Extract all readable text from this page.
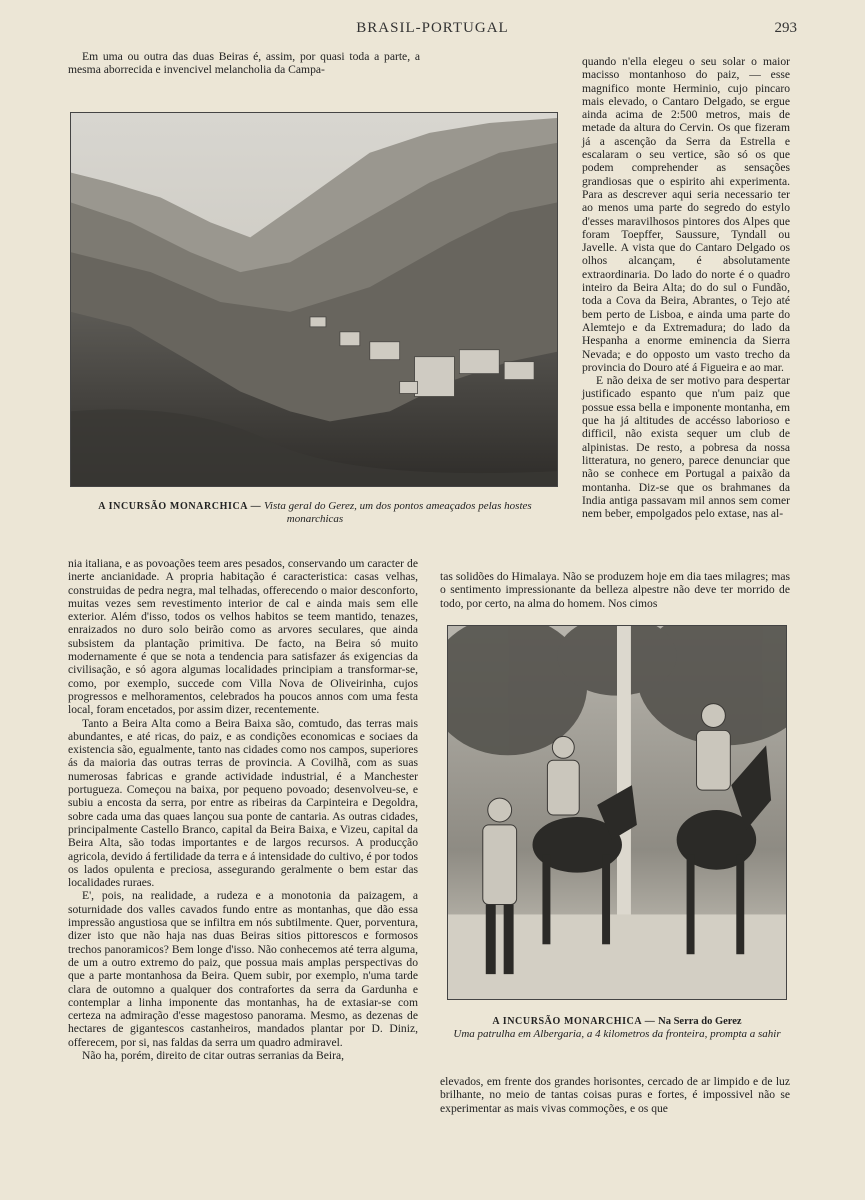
BRASIL-PORTUGAL	293

Em uma ou outra das duas Beiras é, assim, por quasi toda a parte, a mesma aborrecida e invencivel melancholia da Campa-

A INCURSÃO MONARCHICA — Vista geral do Gerez, um dos pontos ameaçados pelas hostes monarchicas

quando n'ella elegeu o seu solar o maior macisso montanhoso do paiz, — esse magnifico monte Herminio, cujo pincaro mais elevado, o Cantaro Delgado, se ergue ainda acima de 2:500 metros, mais de metade da altura do Cervin. Os que fizeram já a ascenção da Serra da Estrella e escalaram o seu vertice, são só os que podem comprehender as sensações grandiosas que o espirito ahi experimenta. Para as descrever aqui seria necessario ter ao menos uma parte do segredo do estylo d'esses maravilhosos pintores dos Alpes que foram Toepffer, Saussure, Tyndall ou Javelle. A vista que do Cantaro Delgado os olhos alcançam, é absolutamente extraordinaria. Do lado do norte é o quadro inteiro da Beira Alta; do do sul o Fundão, toda a Cova da Beira, Abrantes, o Tejo até bem perto de Lisboa, e ainda uma parte do Alemtejo e da Extremadura; do lado da Hespanha a enorme eminencia da Sierra Nevada; e do opposto um vasto trecho da provincia do Douro até á Figueira e ao mar.

E não deixa de ser motivo para despertar justificado espanto que n'um paiz que possue essa bella e imponente montanha, em que ha já altitudes de accésso laborioso e difficil, não exista sequer um club de alpinistas. De resto, a pobresa da nossa litteratura, no genero, parece denunciar que não se conhece em Portugal a paixão da montanha. Diz-se que os brahmanes da India antiga passavam mil annos sem comer nem beber, empolgados pelo extase, nas al-

nia italiana, e as povoações teem ares pesados, conservando um caracter de inerte ancianidade. A propria habitação é caracteristica: casas velhas, construidas de pedra negra, mal telhadas, offerecendo o maior desconforto, muitas vezes sem revestimento interior de cal e ainda mais sem elle exterior. Além d'isso, todos os velhos habitos se teem mantido, tenazes, enraizados no duro solo beirão como as arvores seculares, que ainda subsistem da plantação primitiva. De facto, na Beira só muito modernamente é que se nota a tendencia para satisfazer ás exigencias da civilisação, e só agora algumas localidades principiam a transformar-se, como, por exemplo, succede com Villa Nova de Oliveirinha, cujos progressos e melhoramentos, celebrados ha poucos annos com uma festa local, foram encetados, por assim dizer, recentemente.

Tanto a Beira Alta como a Beira Baixa são, comtudo, das terras mais abundantes, e até ricas, do paiz, e as condições economicas e sociaes da existencia são, egualmente, tanto nas cidades como nos campos, superiores ás da maioria das outras terras de provincia. A Covilhã, com as suas numerosas fabricas e grande actividade industrial, é a Manchester portugueza. Começou na baixa, por pequeno povoado; desenvolveu-se, e subiu a encosta da serra, por entre as ribeiras da Carpinteira e Degoldra, sobre cada uma das quaes lançou sua ponte de cantaria. As outras cidades, principalmente Castello Branco, capital da Beira Baixa, e Vizeu, capital da Beira Alta, são todas importantes e de largos recursos. A producção agricola, devido á fertilidade da terra e á intensidade do cultivo, é por todos os lados opulenta e preciosa, assegurando geralmente o bem estar das localidades ruraes.

E', pois, na realidade, a rudeza e a monotonia da paizagem, a soturnidade dos valles cavados fundo entre as montanhas, que dão essa impressão angustiosa que se infiltra em nós subtilmente. Quer, porventura, dizer isto que não haja nas duas Beiras sitios pittorescos e formosos trechos panoramicos? Bem longe d'isso. Não conhecemos até terra alguma, de um a outro extremo do paiz, que possua mais amplas perspectivas do que a parte montanhosa da Beira. Quem subir, por exemplo, n'uma tarde clara de outomno a qualquer dos contrafortes da serra da Gardunha e contemplar a linha imponente das montanhas, ha de extasiar-se com certeza na admiração d'esse magestoso panorama. Mesmo, as dezenas de hectares de gigantescos castanheiros, mandados plantar por D. Diniz, offerecem, por si, nas faldas da serra um quadro admiravel.

Não ha, porém, direito de citar outras serranias da Beira,

tas solidões do Himalaya. Não se produzem hoje em dia taes milagres; mas o sentimento impressionante da belleza alpestre não deve ter morrido de todo, por certo, na alma do homem. Nos cimos

A INCURSÃO MONARCHICA — Na Serra do Gerez
Uma patrulha em Albergaria, a 4 kilometros da fronteira, prompta a sahir

elevados, em frente dos grandes horisontes, cercado de ar limpido e de luz brilhante, no meio de tantas coisas puras e fortes, é impossivel não se experimentar as mais vivas commoções, e os que
